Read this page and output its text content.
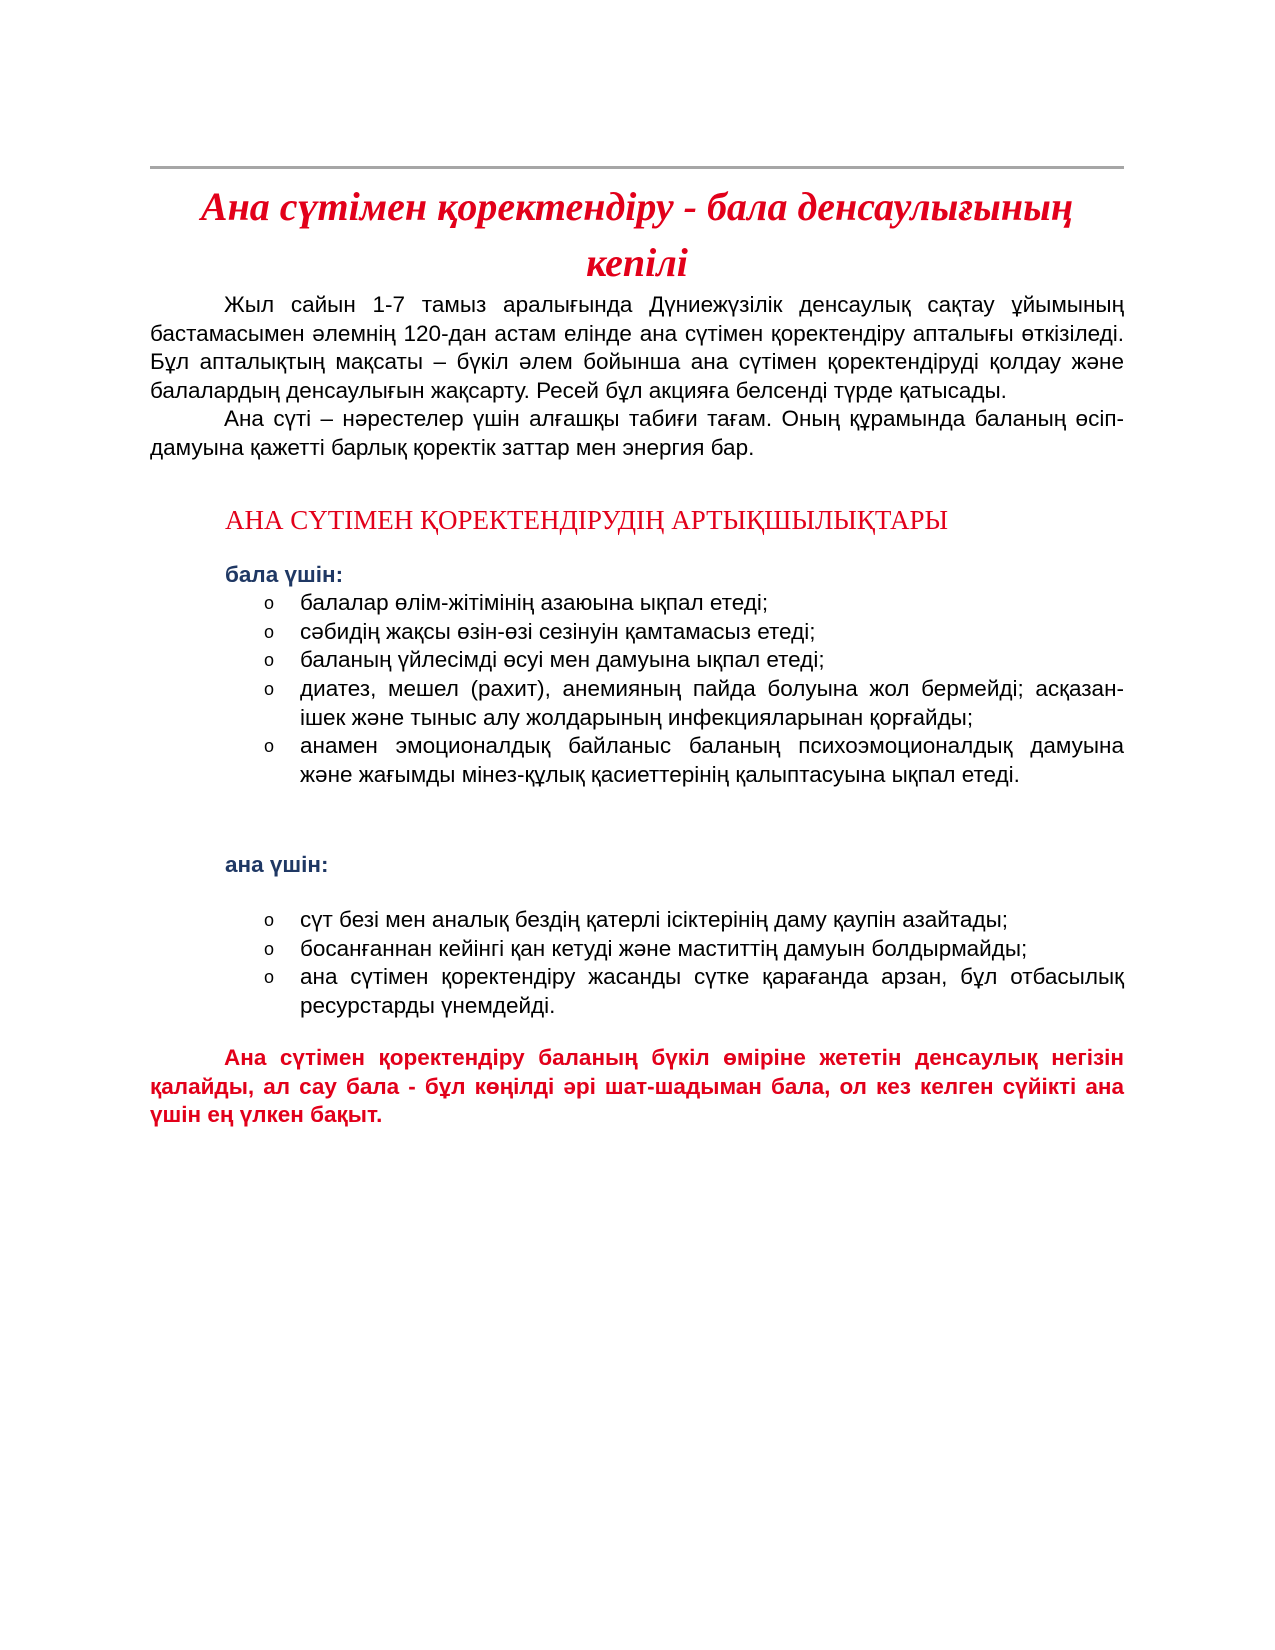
Ана сүтімен қоректендіру - бала денсаулығының кепілі

Жыл сайын 1-7 тамыз аралығында Дүниежүзілік денсаулық сақтау ұйымының бастамасымен әлемнің 120-дан астам елінде ана сүтімен қоректендіру апталығы өткізіледі. Бұл апталықтың мақсаты – бүкіл әлем бойынша ана сүтімен қоректендіруді қолдау және балалардың денсаулығын жақсарту. Ресей бұл акцияға белсенді түрде қатысады.

Ана сүті – нәрестелер үшін алғашқы табиғи тағам. Оның құрамында баланың өсіп-дамуына қажетті барлық қоректік заттар мен энергия бар.

АНА СҮТІМЕН ҚОРЕКТЕНДІРУДІҢ АРТЫҚШЫЛЫҚТАРЫ
бала үшін:
o балалар өлім-жітімінің азаюына ықпал етеді;
o сәбидің жақсы өзін-өзі сезінуін қамтамасыз етеді;
o баланың үйлесімді өсуі мен дамуына ықпал етеді;
o диатез, мешел (рахит), анемияның пайда болуына жол бермейді; асқазан-ішек және тыныс алу жолдарының инфекцияларынан қорғайды;
o анамен эмоционалдық байланыс баланың психоэмоционалдық дамуына және жағымды мінез-құлық қасиеттерінің қалыптасуына ықпал етеді.
ана үшін:
o сүт безі мен аналық бездің қатерлі ісіктерінің даму қаупін азайтады;
o босанғаннан кейінгі қан кетуді және маститтің дамуын болдырмайды;
o ана сүтімен қоректендіру жасанды сүтке қарағанда арзан, бұл отбасылық ресурстарды үнемдейді.

Ана сүтімен қоректендіру баланың бүкіл өміріне жететін денсаулық негізін қалайды, ал сау бала - бұл көңілді әрі шат-шадыман бала, ол кез келген сүйікті ана үшін ең үлкен бақыт.
